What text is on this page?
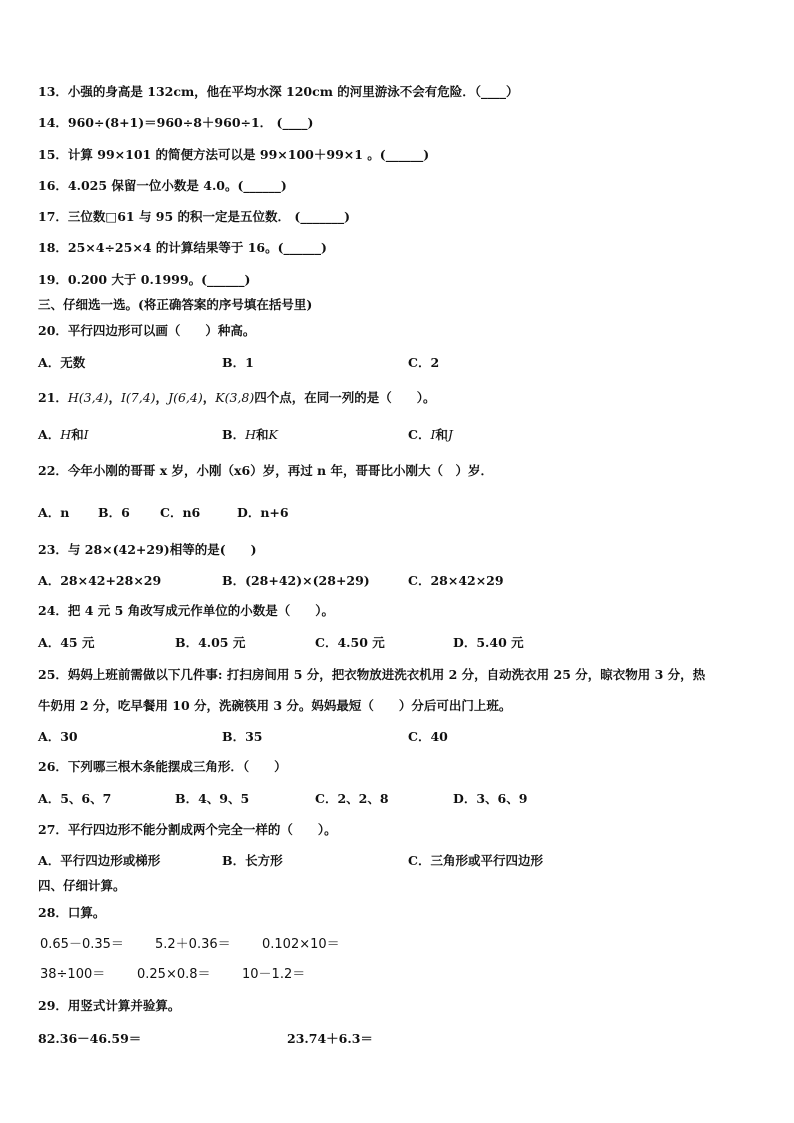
13．小强的身高是 132cm，他在平均水深 120cm 的河里游泳不会有危险．（____）
14．960÷(8+1)＝960÷8＋960÷1． (____)
15．计算 99×101 的简便方法可以是 99×100＋99×1 。(______)
16．4.025 保留一位小数是 4.0。(______)
17．三位数□61 与 95 的积一定是五位数． (_______)
18．25×4÷25×4 的计算结果等于 16。(______)
19．0.200 大于 0.1999。(______)
三、仔细选一选。(将正确答案的序号填在括号里)
20．平行四边形可以画（　　）种高。
A．无数	B．1	C．2
21．H(3,4)，I(7,4)，J(6,4)，K(3,8)四个点，在同一列的是（　　）。
A．H和I	B．H和K	C．I和J
22．今年小刚的哥哥 x 岁，小刚（x6）岁，再过 n 年，哥哥比小刚大（　）岁．
A．n B．6 C．n6	D．n+6
23．与 28×(42+29)相等的是(　　)
A．28×42+28×29	B．(28+42)×(28+29)	C．28×42×29
24．把 4 元 5 角改写成元作单位的小数是（　　）。
A．45 元	B．4.05 元	C．4.50 元	D．5.40 元
25．妈妈上班前需做以下几件事: 打扫房间用 5 分，把衣物放进洗衣机用 2 分，自动洗衣用 25 分，晾衣物用 3 分，热
牛奶用 2 分，吃早餐用 10 分，洗碗筷用 3 分。妈妈最短（　　）分后可出门上班。
A．30	B．35	C．40
26．下列哪三根木条能摆成三角形．（　　）
A．5、6、7	B．4、9、5	C．2、2、8	D．3、6、9
27．平行四边形不能分割成两个完全一样的（　　）。
A．平行四边形或梯形	B．长方形	C．三角形或平行四边形
四、仔细计算。
28．口算。
0.65－0.35＝ 5.2＋0.36＝ 0.102×10＝
38÷100＝ 0.25×0.8＝ 10－1.2＝
29．用竖式计算并验算。
82.36－46.59＝	23.74＋6.3＝
